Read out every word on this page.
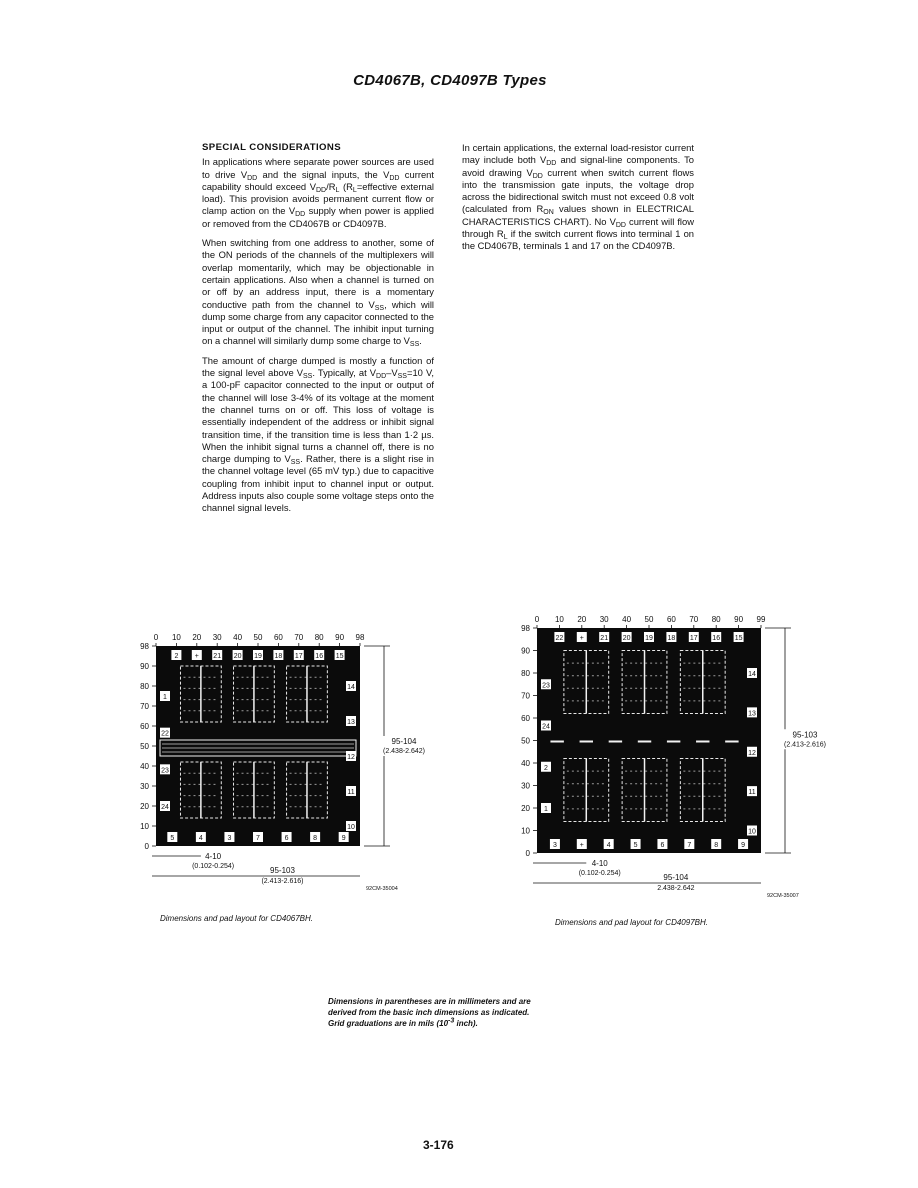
CD4067B, CD4097B Types
SPECIAL CONSIDERATIONS

In applications where separate power sources are used to drive $V_{DD}$ and the signal inputs, the $V_{DD}$ current capability should exceed $V_{DD}/R_L$ ($R_L=effective$ external load). This provision avoids permanent current flow or clamp action on the $V_{DD}$ supply when power is applied or removed from the CD4067B or CD4097B.

When switching from one address to another, some of the ON periods of the channels of the multiplexers will overlap momentarily, which may be objectionable in certain applications. Also when a channel is turned on or off by an address input, there is a momentary conductive path from the channel to $V_{SS}$, which will dump some charge from any capacitor connected to the input or output of the channel. The inhibit input turning on a channel will similarly dump some charge to $V_{SS}$.

The amount of charge dumped is mostly a function of the signal level above $V_{SS}$. Typically, at $V_{DD}-V_{SS}=10$ V, a 100-pF capacitor connected to the input or output of the channel will lose 3-4% of its voltage at the moment the channel turns on or off. This loss of voltage is essentially independent of the address or inhibit signal transition time, if the transition time is less than 1·2 µs. When the inhibit signal turns a channel off, there is no charge dumping to $V_{SS}$. Rather, there is a slight rise in the channel voltage level (65 mV typ.) due to capacitive coupling from inhibit input to channel input or output. Address inputs also couple some voltage steps onto the channel signal levels.

In certain applications, the external load-resistor current may include both $V_{DD}$ and signal-line components. To avoid drawing $V_{DD}$ current when switch current flows into the transmission gate inputs, the voltage drop across the bidirectional switch must not exceed 0.8 volt (calculated from $R_{ON}$ values shown in ELECTRICAL CHARACTERISTICS CHART). No $V_{DD}$ current will flow through $R_L$ if the switch current flows into terminal 1 on the CD4067B, terminals 1 and 17 on the CD4097B.

0 10 20 30 40 50 60 70 80 90 98
98
90
80
70
60
50
40
30
20
10
0
2 + 21 20 19 18 17 16 15
5	4	3	7	6	8	9
14
13
12
11
10
1
22
23
24
95-104
(2.438-2.642)
4-10
(0.102-0.254)	95-103
(2.413-2.616)
92CM-35004
0 10 20 30 40 50 60 70 80 90 99
98
90
80
70
60
50
40
30
20
10
0
22 + 21 20 19 18 17 16 15
3	+	4	5	6	7	8	9
14
13
12
11
10
23
24
2
1
95-103
(2.413-2.616)
4-10
(0.102-0.254)	95-104
2.438-2.642
92CM-35007
Dimensions and pad layout for CD4067BH.	Dimensions and pad layout for CD4097BH.
Dimensions in parentheses are in millimeters and are
derived from the basic inch dimensions as indicated.
Grid graduations are in mils ($10^{-3}$ inch).
3-176
